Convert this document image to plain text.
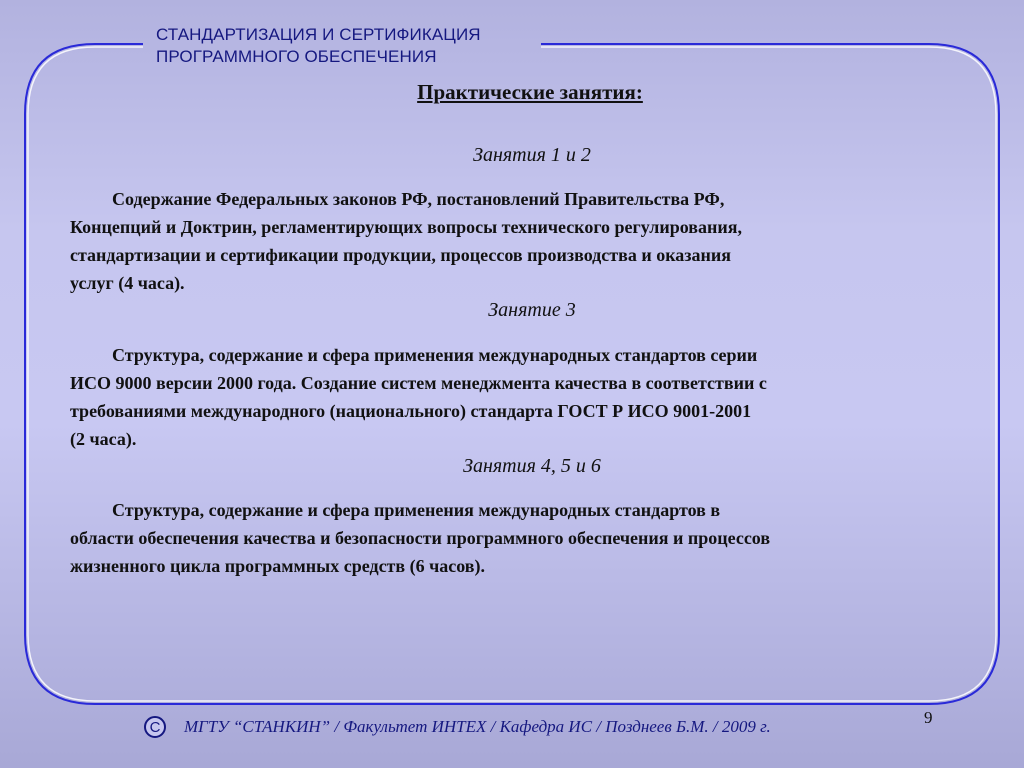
СТАНДАРТИЗАЦИЯ И СЕРТИФИКАЦИЯ
ПРОГРАММНОГО ОБЕСПЕЧЕНИЯ
Практические занятия:
Занятия 1 и 2
Содержание Федеральных законов РФ, постановлений Правительства РФ,
Концепций и Доктрин, регламентирующих вопросы технического регулирования,
стандартизации и сертификации продукции, процессов производства и оказания
услуг (4 часа).
Занятие 3
Структура, содержание и сфера применения международных стандартов серии
ИСО 9000 версии 2000 года. Создание систем менеджмента качества в соответствии с
требованиями международного (национального) стандарта ГОСТ Р ИСО 9001-2001
(2 часа).
Занятия 4, 5 и 6
Структура, содержание и сфера применения международных стандартов в
области обеспечения качества и безопасности программного обеспечения и процессов
жизненного цикла программных средств (6 часов).
9
С	МГТУ “СТАНКИН” / Факультет ИНТЕХ / Кафедра ИС / Позднеев Б.М. / 2009 г.
